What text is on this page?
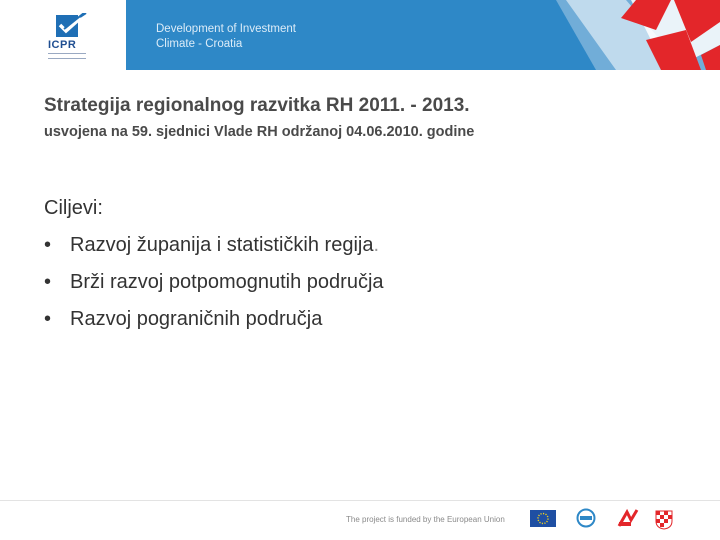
ICPR
Development of Investment
Climate - Croatia
Strategija regionalnog razvitka RH 2011. - 2013.
usvojena na 59. sjednici Vlade RH održanoj 04.06.2010. godine
Ciljevi:
• Razvoj županija i statističkih regija.
• Brži razvoj potpomognutih područja
• Razvoj pograničnih područja
The project is funded by the European Union
